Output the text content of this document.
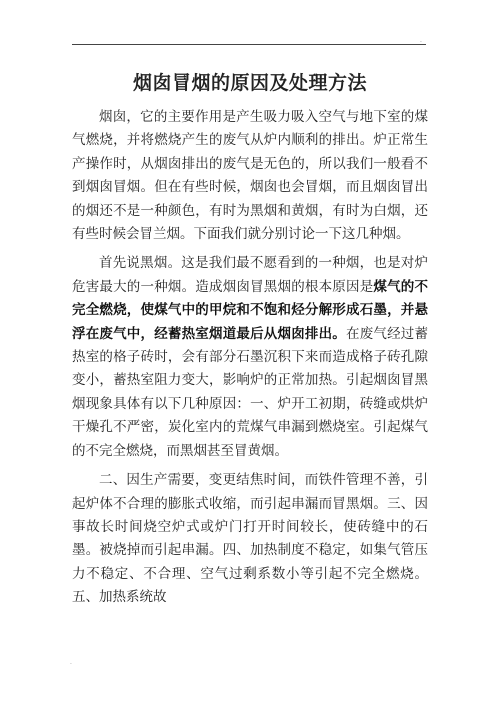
.
烟囱冒烟的原因及处理方法

烟囱，它的主要作用是产生吸力吸入空气与地下室的煤气燃烧，并将燃烧产生的废气从炉内顺利的排出。炉正常生产操作时，从烟囱排出的废气是无色的，所以我们一般看不到烟囱冒烟。但在有些时候，烟囱也会冒烟，而且烟囱冒出的烟还不是一种颜色，有时为黑烟和黄烟，有时为白烟，还有些时候会冒兰烟。下面我们就分别讨论一下这几种烟。

首先说黑烟。这是我们最不愿看到的一种烟，也是对炉危害最大的一种烟。造成烟囱冒黑烟的根本原因是煤气的不完全燃烧，使煤气中的甲烷和不饱和烃分解形成石墨，并悬浮在废气中，经蓄热室烟道最后从烟囱排出。在废气经过蓄热室的格子砖时，会有部分石墨沉积下来而造成格子砖孔隙变小，蓄热室阻力变大，影响炉的正常加热。引起烟囱冒黑烟现象具体有以下几种原因：一、炉开工初期，砖缝或烘炉干燥孔不严密，炭化室内的荒煤气串漏到燃烧室。引起煤气的不完全燃烧，而黑烟甚至冒黄烟。

二、因生产需要，变更结焦时间，而铁件管理不善，引起炉体不合理的膨胀式收缩，而引起串漏而冒黑烟。三、因事故长时间烧空炉式或炉门打开时间较长，使砖缝中的石墨。被烧掉而引起串漏。四、加热制度不稳定，如集气管压力不稳定、不合理、空气过剩系数小等引起不完全燃烧。五、加热系统故

.
